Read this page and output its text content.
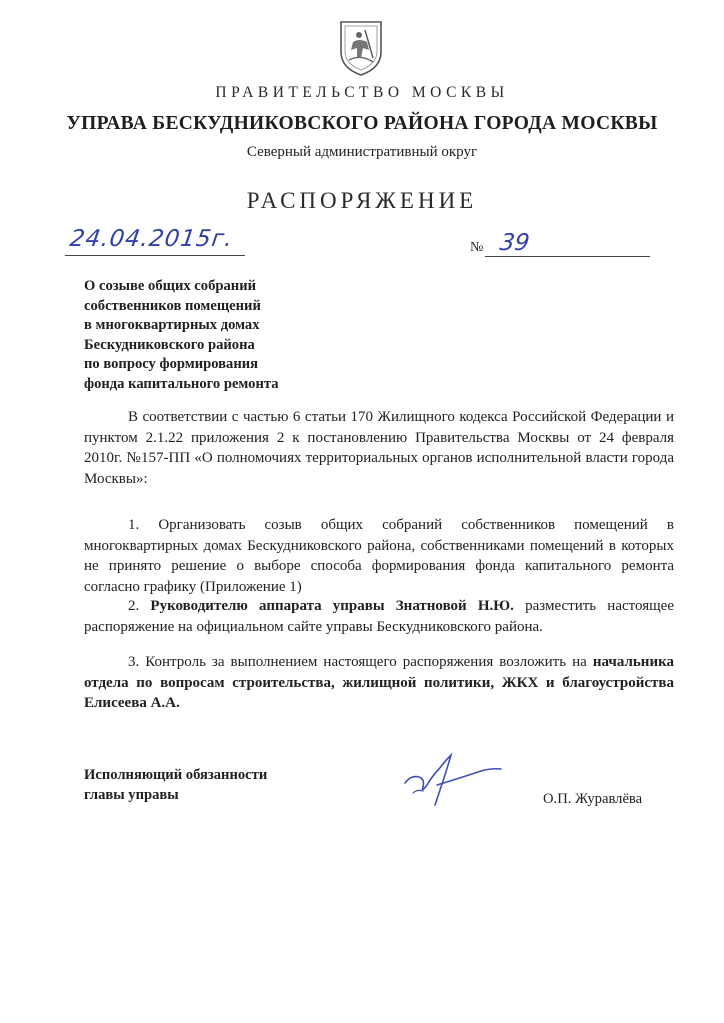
ПРАВИТЕЛЬСТВО МОСКВЫ
УПРАВА БЕСКУДНИКОВСКОГО РАЙОНА ГОРОДА МОСКВЫ
Северный административный округ
РАСПОРЯЖЕНИЕ
24.04.2015г.	№ 39
О созыве общих собраний
собственников помещений
в многоквартирных домах
Бескудниковского района
по вопросу формирования
фонда капитального ремонта
В соответствии с частью 6 статьи 170 Жилищного кодекса Российской Федерации и пунктом 2.1.22 приложения 2 к постановлению Правительства Москвы от 24 февраля 2010г. №157-ПП «О полномочиях территориальных органов исполнительной власти города Москвы»:
1. Организовать созыв общих собраний собственников помещений в многоквартирных домах Бескудниковского района, собственниками помещений в которых не принято решение о выборе способа формирования фонда капитального ремонта согласно графику (Приложение 1)
2. Руководителю аппарата управы Знатновой Н.Ю. разместить настоящее распоряжение на официальном сайте управы Бескудниковского района.
3. Контроль за выполнением настоящего распоряжения возложить на начальника отдела по вопросам строительства, жилищной политики, ЖКХ и благоустройства Елисеева А.А.
Исполняющий обязанности
главы управы	О.П. Журавлёва
